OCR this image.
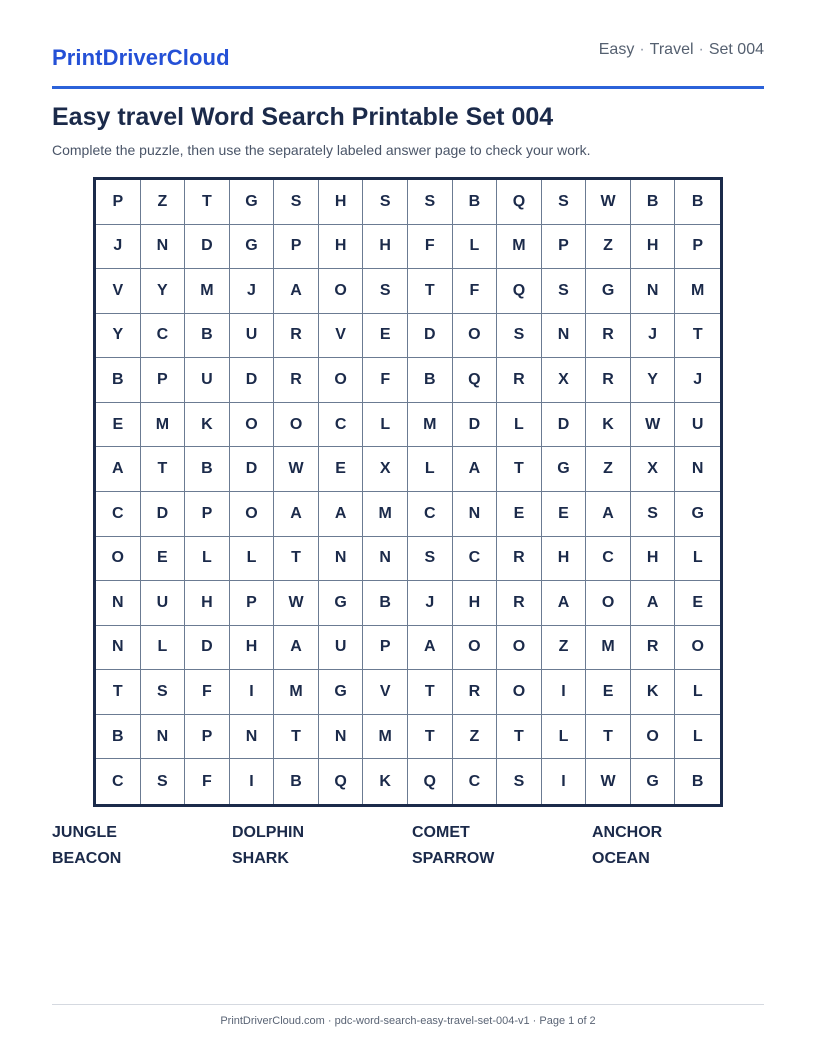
PrintDriverCloud	Easy · Travel · Set 004
Easy travel Word Search Printable Set 004

Complete the puzzle, then use the separately labeled answer page to check your work.

P	Z	T	G	S	H	S	S	B	Q	S	W	B	B
J	N	D	G	P	H	H	F	L	M	P	Z	H	P
V	Y	M	J	A	O	S	T	F	Q	S	G	N	M
Y	C	B	U	R	V	E	D	O	S	N	R	J	T
B	P	U	D	R	O	F	B	Q	R	X	R	Y	J
E	M	K	O	O	C	L	M	D	L	D	K	W	U
A	T	B	D	W	E	X	L	A	T	G	Z	X	N
C	D	P	O	A	A	M	C	N	E	E	A	S	G
O	E	L	L	T	N	N	S	C	R	H	C	H	L
N	U	H	P	W	G	B	J	H	R	A	O	A	E
N	L	D	H	A	U	P	A	O	O	Z	M	R	O
T	S	F	I	M	G	V	T	R	O	I	E	K	L
B	N	P	N	T	N	M	T	Z	T	L	T	O	L
C	S	F	I	B	Q	K	Q	C	S	I	W	G	B
JUNGLE	DOLPHIN	COMET	ANCHOR
BEACON	SHARK	SPARROW	OCEAN
PrintDriverCloud.com · pdc-word-search-easy-travel-set-004-v1 · Page 1 of 2
